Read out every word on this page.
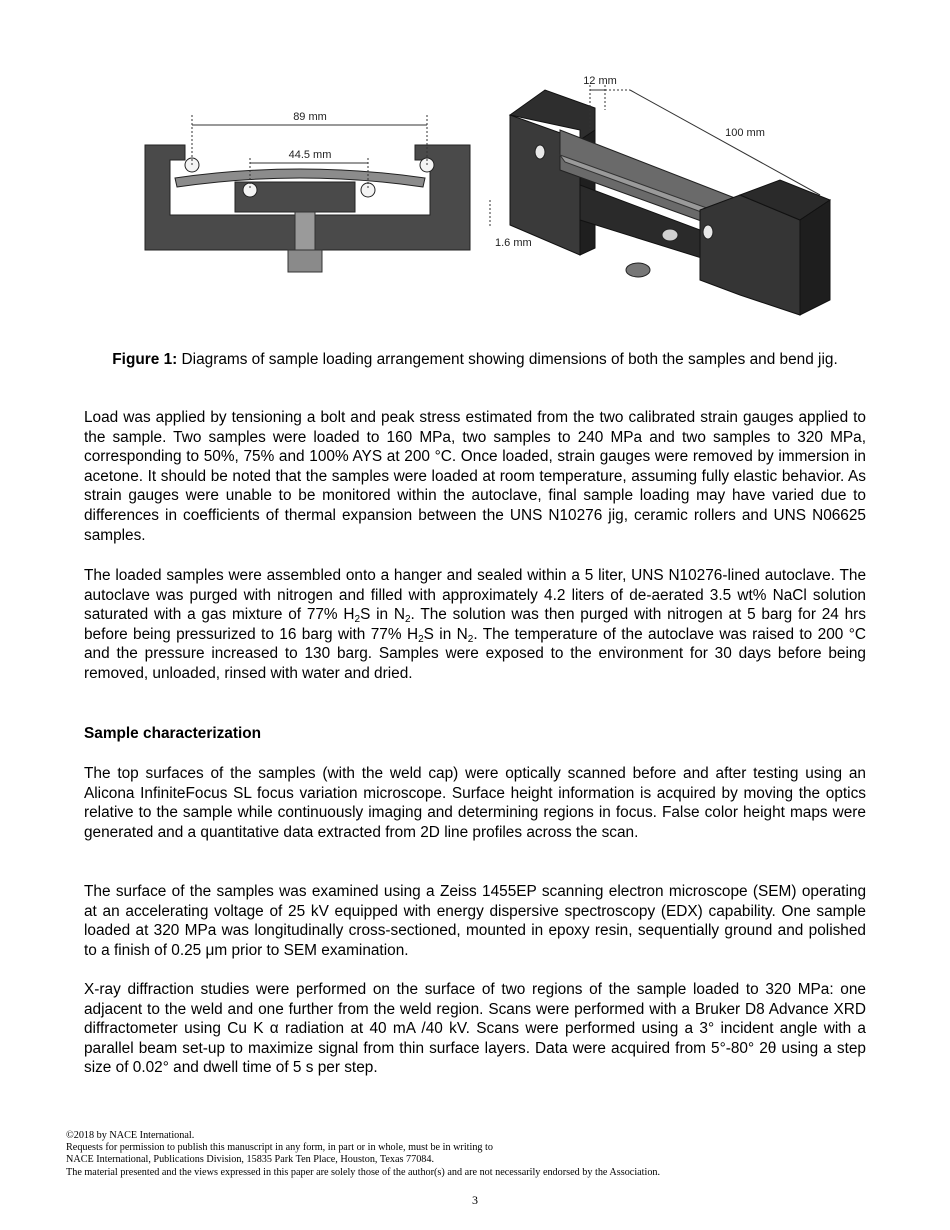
89 mm
44.5 mm
12 mm
100 mm
1.6 mm
Figure 1: Diagrams of sample loading arrangement showing dimensions of both the samples and bend jig.

Load was applied by tensioning a bolt and peak stress estimated from the two calibrated strain gauges applied to the sample. Two samples were loaded to 160 MPa, two samples to 240 MPa and two samples to 320 MPa, corresponding to 50%, 75% and 100% AYS at 200 °C. Once loaded, strain gauges were removed by immersion in acetone. It should be noted that the samples were loaded at room temperature, assuming fully elastic behavior. As strain gauges were unable to be monitored within the autoclave, final sample loading may have varied due to differences in coefficients of thermal expansion between the UNS N10276 jig, ceramic rollers and UNS N06625 samples.

The loaded samples were assembled onto a hanger and sealed within a 5 liter, UNS N10276-lined autoclave. The autoclave was purged with nitrogen and filled with approximately 4.2 liters of de-aerated 3.5 wt% NaCl solution saturated with a gas mixture of 77% $H_2S$ in $N_2$. The solution was then purged with nitrogen at 5 barg for 24 hrs before being pressurized to 16 barg with 77% $H_2S$ in $N_2$. The temperature of the autoclave was raised to 200 °C and the pressure increased to 130 barg. Samples were exposed to the environment for 30 days before being removed, unloaded, rinsed with water and dried.

Sample characterization

The top surfaces of the samples (with the weld cap) were optically scanned before and after testing using an Alicona InfiniteFocus SL focus variation microscope. Surface height information is acquired by moving the optics relative to the sample while continuously imaging and determining regions in focus. False color height maps were generated and a quantitative data extracted from 2D line profiles across the scan.

The surface of the samples was examined using a Zeiss 1455EP scanning electron microscope (SEM) operating at an accelerating voltage of 25 kV equipped with energy dispersive spectroscopy (EDX) capability. One sample loaded at 320 MPa was longitudinally cross-sectioned, mounted in epoxy resin, sequentially ground and polished to a finish of 0.25 μm prior to SEM examination.

X-ray diffraction studies were performed on the surface of two regions of the sample loaded to 320 MPa: one adjacent to the weld and one further from the weld region. Scans were performed with a Bruker D8 Advance XRD diffractometer using Cu K α radiation at 40 mA /40 kV. Scans were performed using a 3° incident angle with a parallel beam set-up to maximize signal from thin surface layers. Data were acquired from 5°-80° 2θ using a step size of 0.02° and dwell time of 5 s per step.

©2018 by NACE International.
Requests for permission to publish this manuscript in any form, in part or in whole, must be in writing to
NACE International, Publications Division, 15835 Park Ten Place, Houston, Texas 77084.
The material presented and the views expressed in this paper are solely those of the author(s) and are not necessarily endorsed by the Association.
3
